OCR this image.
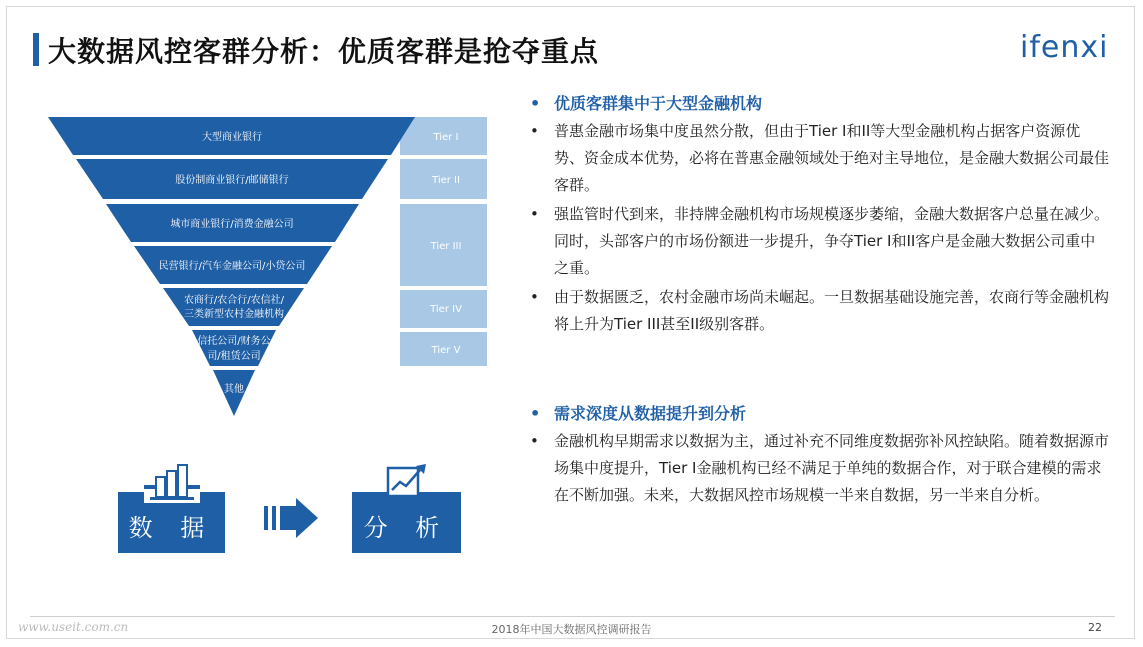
大数据风控客群分析：优质客群是抢夺重点	ifenxi
大型商业银行
股份制商业银行/邮储银行
城市商业银行/消费金融公司
民营银行/汽车金融公司/小贷公司
农商行/农合行/农信社/
三类新型农村金融机构
信托公司/财务公
司/租赁公司
其他
Tier I
Tier II
Tier III
Tier IV
Tier V
数 据	分 析
• 优质客群集中于大型金融机构
• 普惠金融市场集中度虽然分散，但由于Tier I和II等大型金融机构占据客户资源优势、资金成本优势，必将在普惠金融领域处于绝对主导地位，是金融大数据公司最佳客群。
• 强监管时代到来，非持牌金融机构市场规模逐步萎缩，金融大数据客户总量在减少。同时，头部客户的市场份额进一步提升，争夺Tier I和II客户是金融大数据公司重中之重。
• 由于数据匮乏，农村金融市场尚未崛起。一旦数据基础设施完善，农商行等金融机构将上升为Tier III甚至II级别客群。
• 需求深度从数据提升到分析
• 金融机构早期需求以数据为主，通过补充不同维度数据弥补风控缺陷。随着数据源市场集中度提升，Tier I金融机构已经不满足于单纯的数据合作，对于联合建模的需求在不断加强。未来，大数据风控市场规模一半来自数据，另一半来自分析。
www.useit.com.cn	2018年中国大数据风控调研报告	22
